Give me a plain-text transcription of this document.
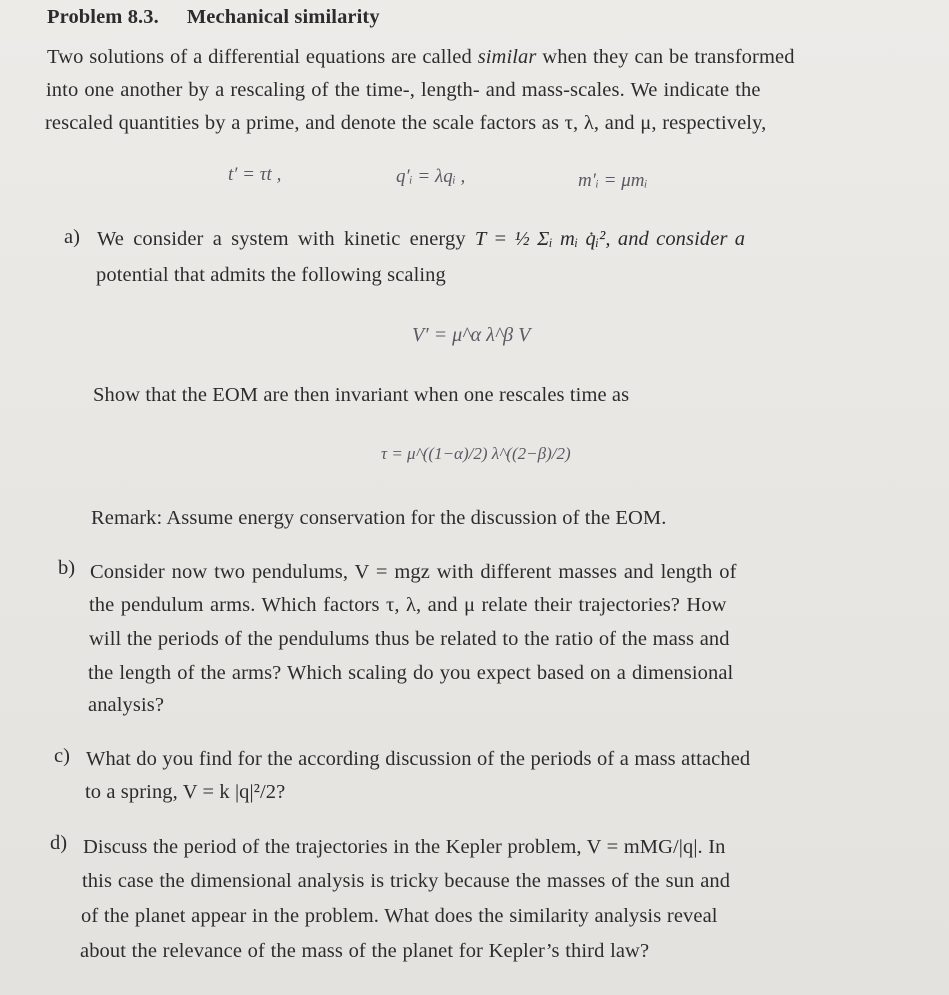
Problem 8.3. Mechanical similarity
Two solutions of a differential equations are called similar when they can be transformed
into one another by a rescaling of the time-, length- and mass-scales. We indicate the
rescaled quantities by a prime, and denote the scale factors as τ, λ, and μ, respectively,
t′ = τt ,	q′ᵢ = λqᵢ ,	m′ᵢ = μmᵢ
a) We consider a system with kinetic energy T = ½ Σᵢ mᵢ q̇ᵢ², and consider a
potential that admits the following scaling
V′ = μ^α λ^β V
Show that the EOM are then invariant when one rescales time as
τ = μ^((1−α)/2) λ^((2−β)/2)
Remark: Assume energy conservation for the discussion of the EOM.
b) Consider now two pendulums, V = mgz with different masses and length of
the pendulum arms. Which factors τ, λ, and μ relate their trajectories? How
will the periods of the pendulums thus be related to the ratio of the mass and
the length of the arms? Which scaling do you expect based on a dimensional
analysis?
c) What do you find for the according discussion of the periods of a mass attached
to a spring, V = k |q|²/2?
d) Discuss the period of the trajectories in the Kepler problem, V = mMG/|q|. In
this case the dimensional analysis is tricky because the masses of the sun and
of the planet appear in the problem. What does the similarity analysis reveal
about the relevance of the mass of the planet for Kepler’s third law?
